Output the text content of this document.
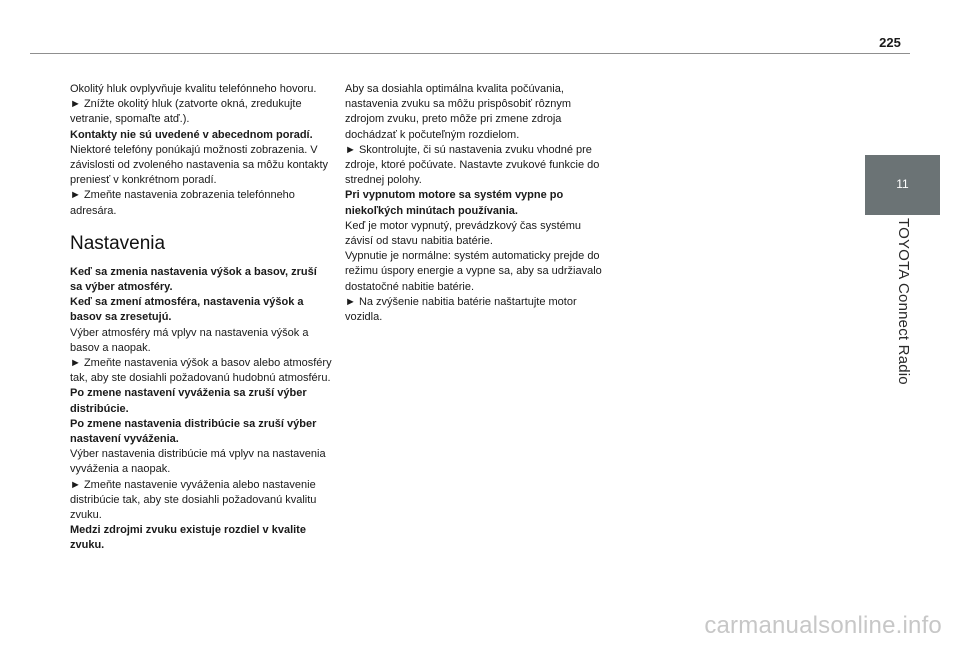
225
11
TOYOTA Connect Radio

Okolitý hluk ovplyvňuje kvalitu telefónneho hovoru.

► Znížte okolitý hluk (zatvorte okná, zredukujte vetranie, spomaľte atď.).

Kontakty nie sú uvedené v abecednom poradí.

Niektoré telefóny ponúkajú možnosti zobrazenia. V závislosti od zvoleného nastavenia sa môžu kontakty preniesť v konkrétnom poradí.

► Zmeňte nastavenia zobrazenia telefónneho adresára.

Nastavenia

Keď sa zmenia nastavenia výšok a basov, zruší sa výber atmosféry.

Keď sa zmení atmosféra, nastavenia výšok a basov sa zresetujú.

Výber atmosféry má vplyv na nastavenia výšok a basov a naopak.

► Zmeňte nastavenia výšok a basov alebo atmosféry tak, aby ste dosiahli požadovanú hudobnú atmosféru.

Po zmene nastavení vyváženia sa zruší výber distribúcie.

Po zmene nastavenia distribúcie sa zruší výber nastavení vyváženia.

Výber nastavenia distribúcie má vplyv na nastavenia vyváženia a naopak.

► Zmeňte nastavenie vyváženia alebo nastavenie distribúcie tak, aby ste dosiahli požadovanú kvalitu zvuku.

Medzi zdrojmi zvuku existuje rozdiel v kvalite zvuku.

Aby sa dosiahla optimálna kvalita počúvania, nastavenia zvuku sa môžu prispôsobiť rôznym zdrojom zvuku, preto môže pri zmene zdroja dochádzať k počuteľným rozdielom.

► Skontrolujte, či sú nastavenia zvuku vhodné pre zdroje, ktoré počúvate. Nastavte zvukové funkcie do strednej polohy.

Pri vypnutom motore sa systém vypne po niekoľkých minútach používania.

Keď je motor vypnutý, prevádzkový čas systému závisí od stavu nabitia batérie.

Vypnutie je normálne: systém automaticky prejde do režimu úspory energie a vypne sa, aby sa udržiavalo dostatočné nabitie batérie.

► Na zvýšenie nabitia batérie naštartujte motor vozidla.

carmanualsonline.info
